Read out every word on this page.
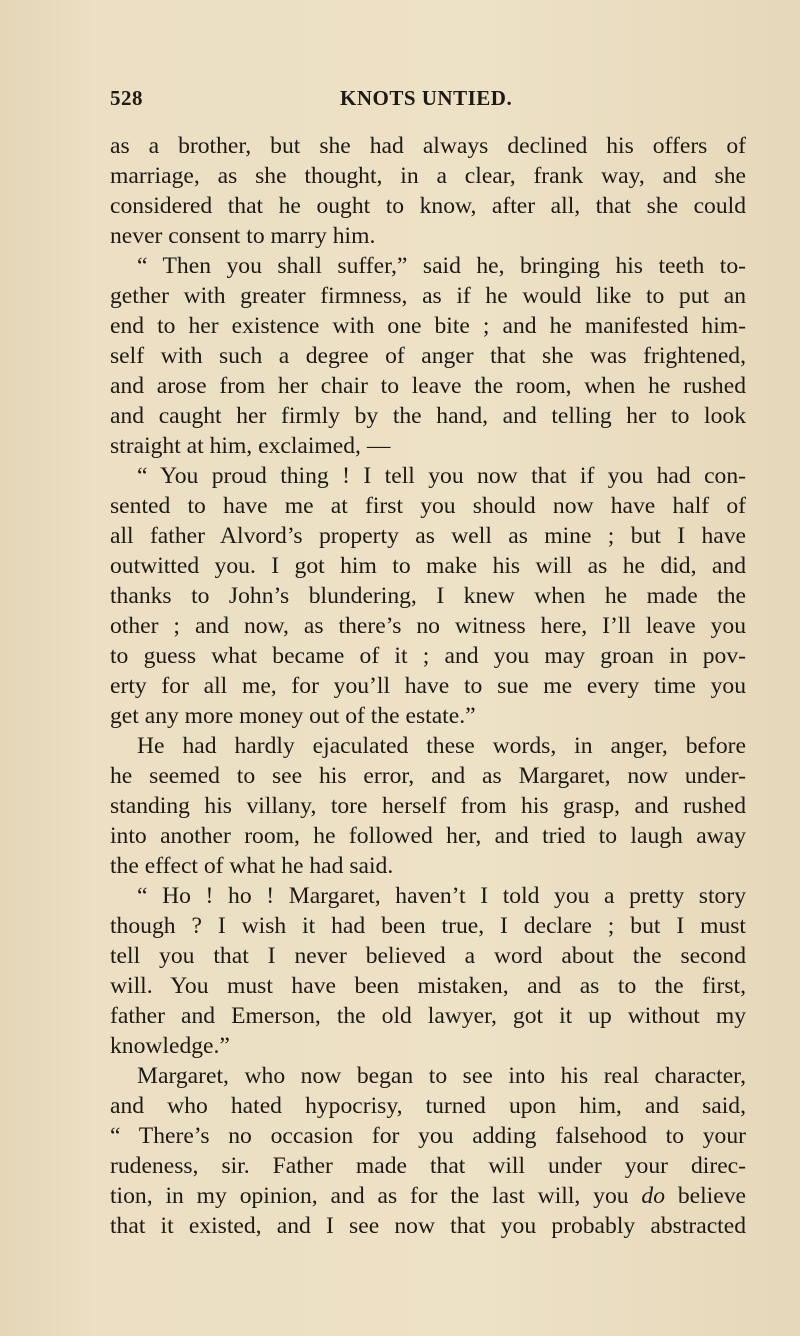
528	KNOTS UNTIED.
as a brother, but she had always declined his offers of
marriage, as she thought, in a clear, frank way, and she
considered that he ought to know, after all, that she could
never consent to marry him.
“ Then you shall suffer,” said he, bringing his teeth to-
gether with greater firmness, as if he would like to put an
end to her existence with one bite ; and he manifested him-
self with such a degree of anger that she was frightened,
and arose from her chair to leave the room, when he rushed
and caught her firmly by the hand, and telling her to look
straight at him, exclaimed, —
“ You proud thing ! I tell you now that if you had con-
sented to have me at first you should now have half of
all father Alvord’s property as well as mine ; but I have
outwitted you. I got him to make his will as he did, and
thanks to John’s blundering, I knew when he made the
other ; and now, as there’s no witness here, I’ll leave you
to guess what became of it ; and you may groan in pov-
erty for all me, for you’ll have to sue me every time you
get any more money out of the estate.”
He had hardly ejaculated these words, in anger, before
he seemed to see his error, and as Margaret, now under-
standing his villany, tore herself from his grasp, and rushed
into another room, he followed her, and tried to laugh away
the effect of what he had said.
“ Ho ! ho ! Margaret, haven’t I told you a pretty story
though ? I wish it had been true, I declare ; but I must
tell you that I never believed a word about the second
will. You must have been mistaken, and as to the first,
father and Emerson, the old lawyer, got it up without my
knowledge.”
Margaret, who now began to see into his real character,
and who hated hypocrisy, turned upon him, and said,
“ There’s no occasion for you adding falsehood to your
rudeness, sir. Father made that will under your direc-
tion, in my opinion, and as for the last will, you do believe
that it existed, and I see now that you probably abstracted
